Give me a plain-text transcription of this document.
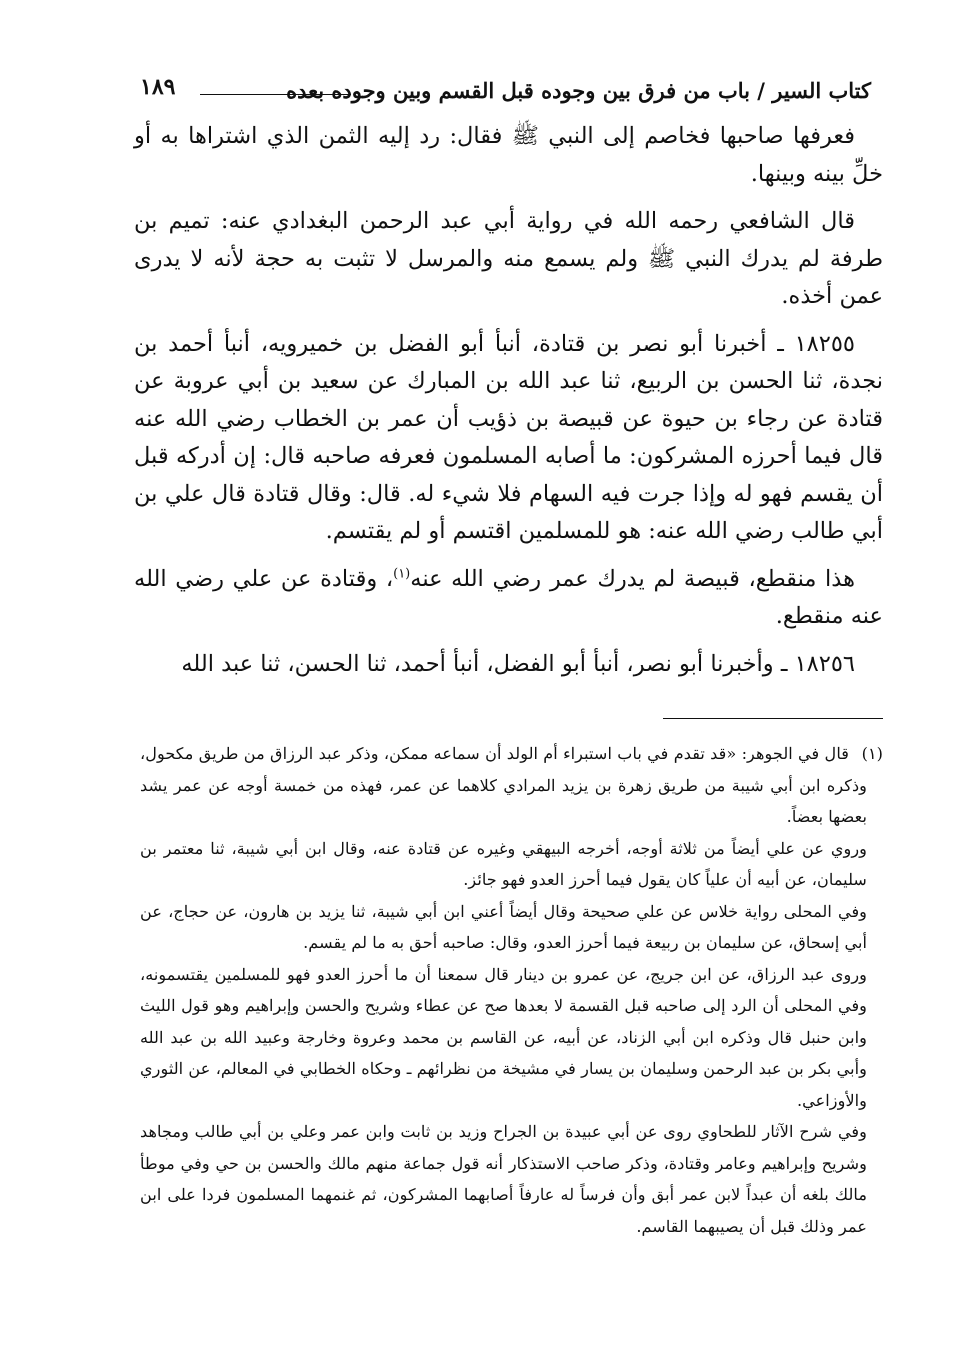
كتاب السير / باب من فرق بين وجوده قبل القسم وبين وجوده بعده
١٨٩

فعرفها صاحبها فخاصم إلى النبي ﷺ فقال: رد إليه الثمن الذي اشتراها به أو خلِّ بينه وبينها.

قال الشافعي رحمه الله في رواية أبي عبد الرحمن البغدادي عنه: تميم بن طرفة لم يدرك النبي ﷺ ولم يسمع منه والمرسل لا تثبت به حجة لأنه لا يدرى عمن أخذه.

١٨٢٥٥ ـ أخبرنا أبو نصر بن قتادة، أنبأ أبو الفضل بن خميرويه، أنبأ أحمد بن نجدة، ثنا الحسن بن الربيع، ثنا عبد الله بن المبارك عن سعيد بن أبي عروبة عن قتادة عن رجاء بن حيوة عن قبيصة بن ذؤيب أن عمر بن الخطاب رضي الله عنه قال فيما أحرزه المشركون: ما أصابه المسلمون فعرفه صاحبه قال: إن أدركه قبل أن يقسم فهو له وإذا جرت فيه السهام فلا شيء له. قال: وقال قتادة قال علي بن أبي طالب رضي الله عنه: هو للمسلمين اقتسم أو لم يقتسم.

هذا منقطع، قبيصة لم يدرك عمر رضي الله عنه$^{(١)}$، وقتادة عن علي رضي الله عنه منقطع.

١٨٢٥٦ ـ وأخبرنا أبو نصر، أنبأ أبو الفضل، أنبأ أحمد، ثنا الحسن، ثنا عبد الله

(١)قال في الجوهر: «قد تقدم في باب استبراء أم الولد أن سماعه ممكن، وذكر عبد الرزاق من طريق مكحول، وذكره ابن أبي شيبة من طريق زهرة بن يزيد المرادي كلاهما عن عمر، فهذه من خمسة أوجه عن عمر يشد بعضها بعضاً.

وروي عن علي أيضاً من ثلاثة أوجه، أخرجه البيهقي وغيره عن قتادة عنه، وقال ابن أبي شيبة، ثنا معتمر بن سليمان، عن أبيه أن علياً كان يقول فيما أحرز العدو فهو جائز.

وفي المحلى رواية خلاس عن علي صحيحة وقال أيضاً أعني ابن أبي شيبة، ثنا يزيد بن هارون، عن حجاج، عن أبي إسحاق، عن سليمان بن ربيعة فيما أحرز العدو، وقال: صاحبه أحق به ما لم يقسم.

وروى عبد الرزاق، عن ابن جريج، عن عمرو بن دينار قال سمعنا أن ما أحرز العدو فهو للمسلمين يقتسمونه، وفي المحلى أن الرد إلى صاحبه قبل القسمة لا بعدها صح عن عطاء وشريح والحسن وإبراهيم وهو قول الليث وابن حنبل قال وذكره ابن أبي الزناد، عن أبيه، عن القاسم بن محمد وعروة وخارجة وعبيد الله بن عبد الله وأبي بكر بن عبد الرحمن وسليمان بن يسار في مشيخة من نظرائهم ـ وحكاه الخطابي في المعالم، عن الثوري والأوزاعي.

وفي شرح الآثار للطحاوي روى عن أبي عبيدة بن الجراح وزيد بن ثابت وابن عمر وعلي بن أبي طالب ومجاهد وشريح وإبراهيم وعامر وقتادة، وذكر صاحب الاستذكار أنه قول جماعة منهم مالك والحسن بن حي وفي موطأ مالك بلغه أن عبداً لابن عمر أبق وأن فرساً له عارفاً أصابهما المشركون، ثم غنمهما المسلمون فردا على ابن عمر وذلك قبل أن يصيبهما القاسم.
